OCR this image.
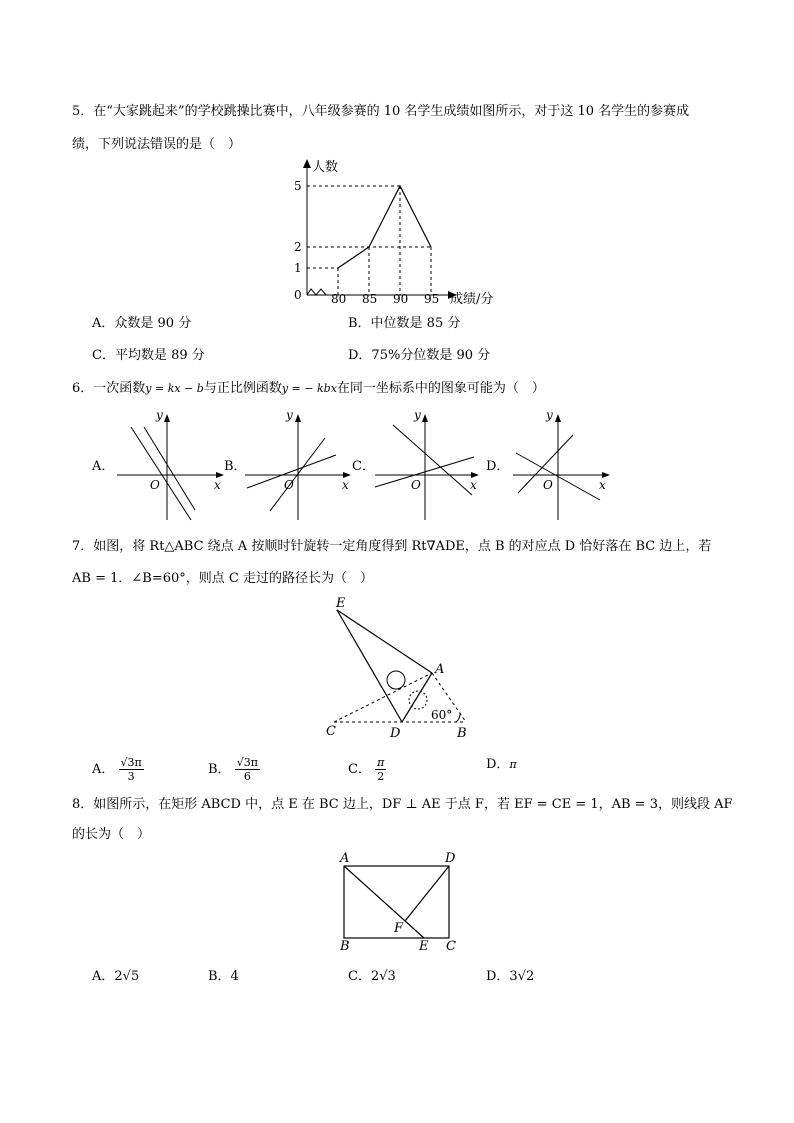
5．在“大家跳起来”的学校跳操比赛中，八年级参赛的 10 名学生成绩如图所示，对于这 10 名学生的参赛成
绩，下列说法错误的是（　）
80 85 90 95
0
1
2
5
人数
成绩/分
A．众数是 90 分	B．中位数是 85 分
C．平均数是 89 分	D．75%分位数是 90 分
6．一次函数y = kx − b与正比例函数y = − kbx在同一坐标系中的图象可能为（　）
A．	B．	C．	D．
y
x
O
y
x
O
y
x
O
y
x
O
7．如图，将 Rt△ABC 绕点 A 按顺时针旋转一定角度得到 Rt∇ADE，点 B 的对应点 D 恰好落在 BC 边上，若
AB = 1．∠B=60°，则点 C 走过的路径长为（　）
E
A
C	D	B
60°
A． $\frac{√3\pi}{3}$	B． $\frac{√3\pi}{6}$	C． $\frac{\pi}{2}$	D．π
8．如图所示，在矩形 ABCD 中，点 E 在 BC 边上，DF ⊥ AE 于点 F，若 EF = CE = 1，AB = 3，则线段 AF
的长为（　）
A	D
F
B	E C
A．2√5	B．4	C．2√3	D．3√2
